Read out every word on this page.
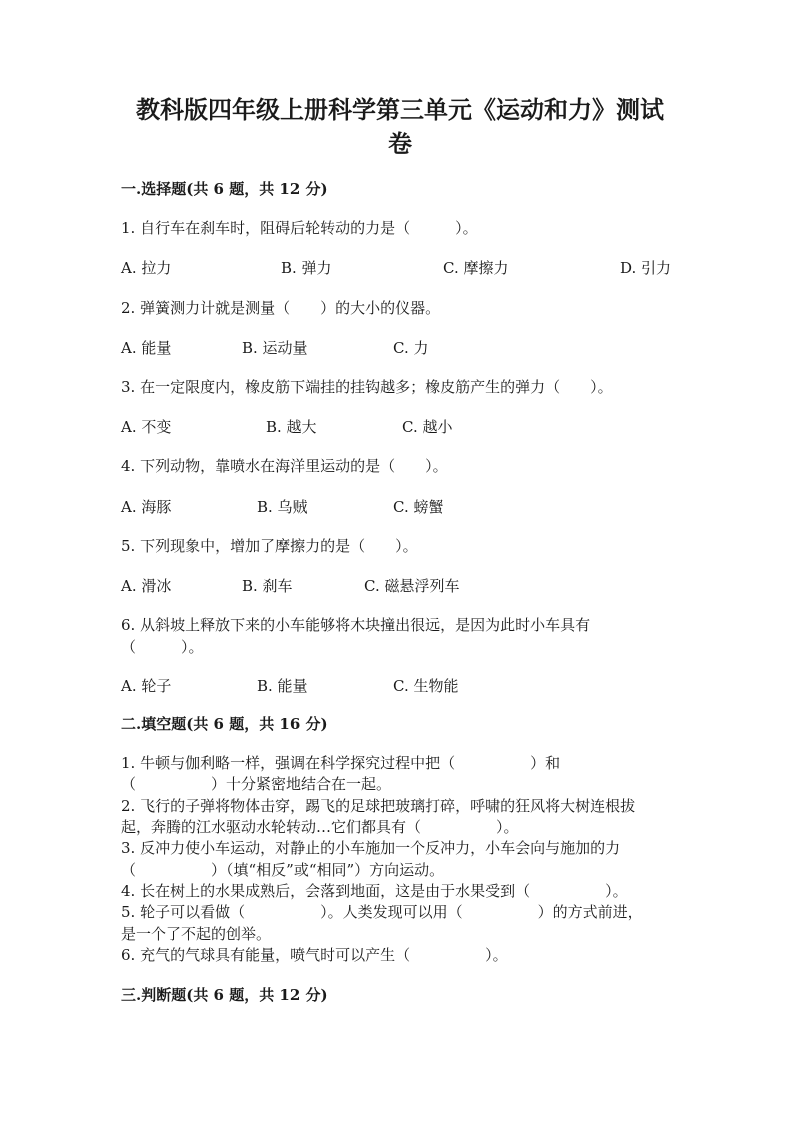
教科版四年级上册科学第三单元《运动和力》测试
卷
一.选择题(共 6 题，共 12 分)
1. 自行车在刹车时，阻碍后轮转动的力是（　　　）。
A. 拉力	B. 弹力	C. 摩擦力	D. 引力
2. 弹簧测力计就是测量（　　）的大小的仪器。
A. 能量	B. 运动量	C. 力
3. 在一定限度内，橡皮筋下端挂的挂钩越多；橡皮筋产生的弹力（　　）。
A. 不变	B. 越大	C. 越小
4. 下列动物，靠喷水在海洋里运动的是（　　）。
A. 海豚	B. 乌贼	C. 螃蟹
5. 下列现象中，增加了摩擦力的是（　　）。
A. 滑冰	B. 刹车	C. 磁悬浮列车
6. 从斜坡上释放下来的小车能够将木块撞出很远，是因为此时小车具有
（　　　）。
A. 轮子	B. 能量	C. 生物能
二.填空题(共 6 题，共 16 分)
1. 牛顿与伽利略一样，强调在科学探究过程中把（　　　　　）和
（　　　　　）十分紧密地结合在一起。
2. 飞行的子弹将物体击穿，踢飞的足球把玻璃打碎，呼啸的狂风将大树连根拔
起，奔腾的江水驱动水轮转动…它们都具有（　　　　　）。
3. 反冲力使小车运动，对静止的小车施加一个反冲力，小车会向与施加的力
（　　　　　）（填“相反”或“相同”）方向运动。
4. 长在树上的水果成熟后，会落到地面，这是由于水果受到（　　　　　）。
5. 轮子可以看做（　　　　　）。人类发现可以用（　　　　　）的方式前进，
是一个了不起的创举。
6. 充气的气球具有能量，喷气时可以产生（　　　　　）。
三.判断题(共 6 题，共 12 分)
